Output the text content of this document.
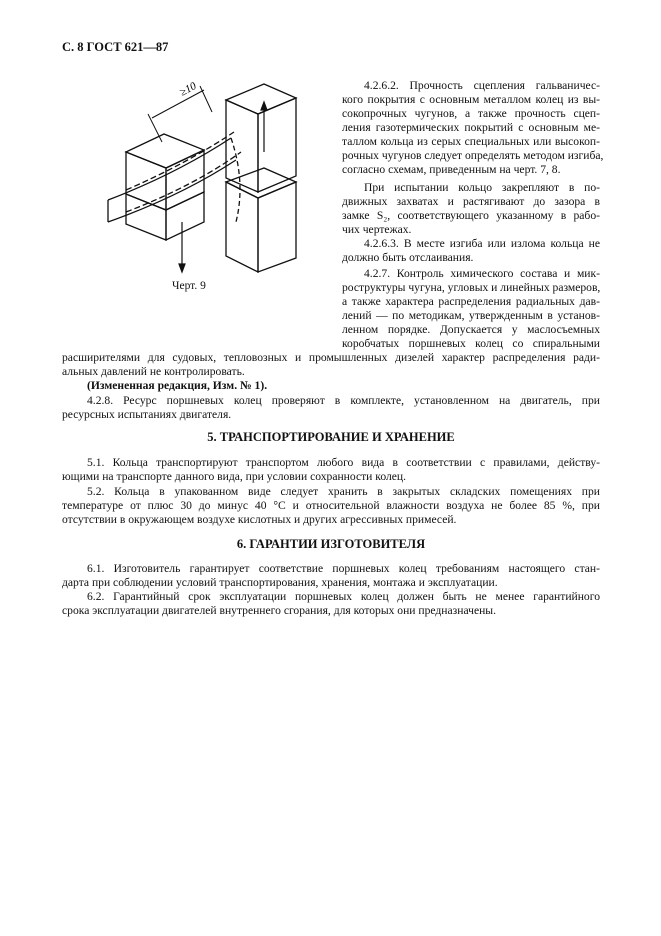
С. 8 ГОСТ 621—87
≥10
Черт. 9
4.2.6.2. Прочность сцепления гальваничес-
кого покрытия с основным металлом колец из вы-
сокопрочных чугунов, а также прочность сцеп-
ления газотермических покрытий с основным ме-
таллом кольца из серых специальных или высокоп-
рочных чугунов следует определять методом изгиба,
согласно схемам, приведенным на черт. 7, 8.
При испытании кольцо закрепляют в по-
движных захватах и растягивают до зазора в
замке S₂, соответствующего указанному в рабо-
чих чертежах.
4.2.6.3. В месте изгиба или излома кольца не
должно быть отслаивания.
4.2.7. Контроль химического состава и мик-
роструктуры чугуна, угловых и линейных размеров,
а также характера распределения радиальных дав-
лений — по методикам, утвержденным в установ-
ленном порядке. Допускается у маслосъемных
коробчатых поршневых колец со спиральными
расширителями для судовых, тепловозных и промышленных дизелей характер распределения ради-
альных давлений не контролировать.
(Измененная редакция, Изм. № 1).
4.2.8. Ресурс поршневых колец проверяют в комплекте, установленном на двигатель, при
ресурсных испытаниях двигателя.
5. ТРАНСПОРТИРОВАНИЕ И ХРАНЕНИЕ
5.1. Кольца транспортируют транспортом любого вида в соответствии с правилами, действу-
ющими на транспорте данного вида, при условии сохранности колец.
5.2. Кольца в упакованном виде следует хранить в закрытых складских помещениях при
температуре от плюс 30 до минус 40 °С и относительной влажности воздуха не более 85 %, при
отсутствии в окружающем воздухе кислотных и других агрессивных примесей.
6. ГАРАНТИИ ИЗГОТОВИТЕЛЯ
6.1. Изготовитель гарантирует соответствие поршневых колец требованиям настоящего стан-
дарта при соблюдении условий транспортирования, хранения, монтажа и эксплуатации.
6.2. Гарантийный срок эксплуатации поршневых колец должен быть не менее гарантийного
срока эксплуатации двигателей внутреннего сгорания, для которых они предназначены.
